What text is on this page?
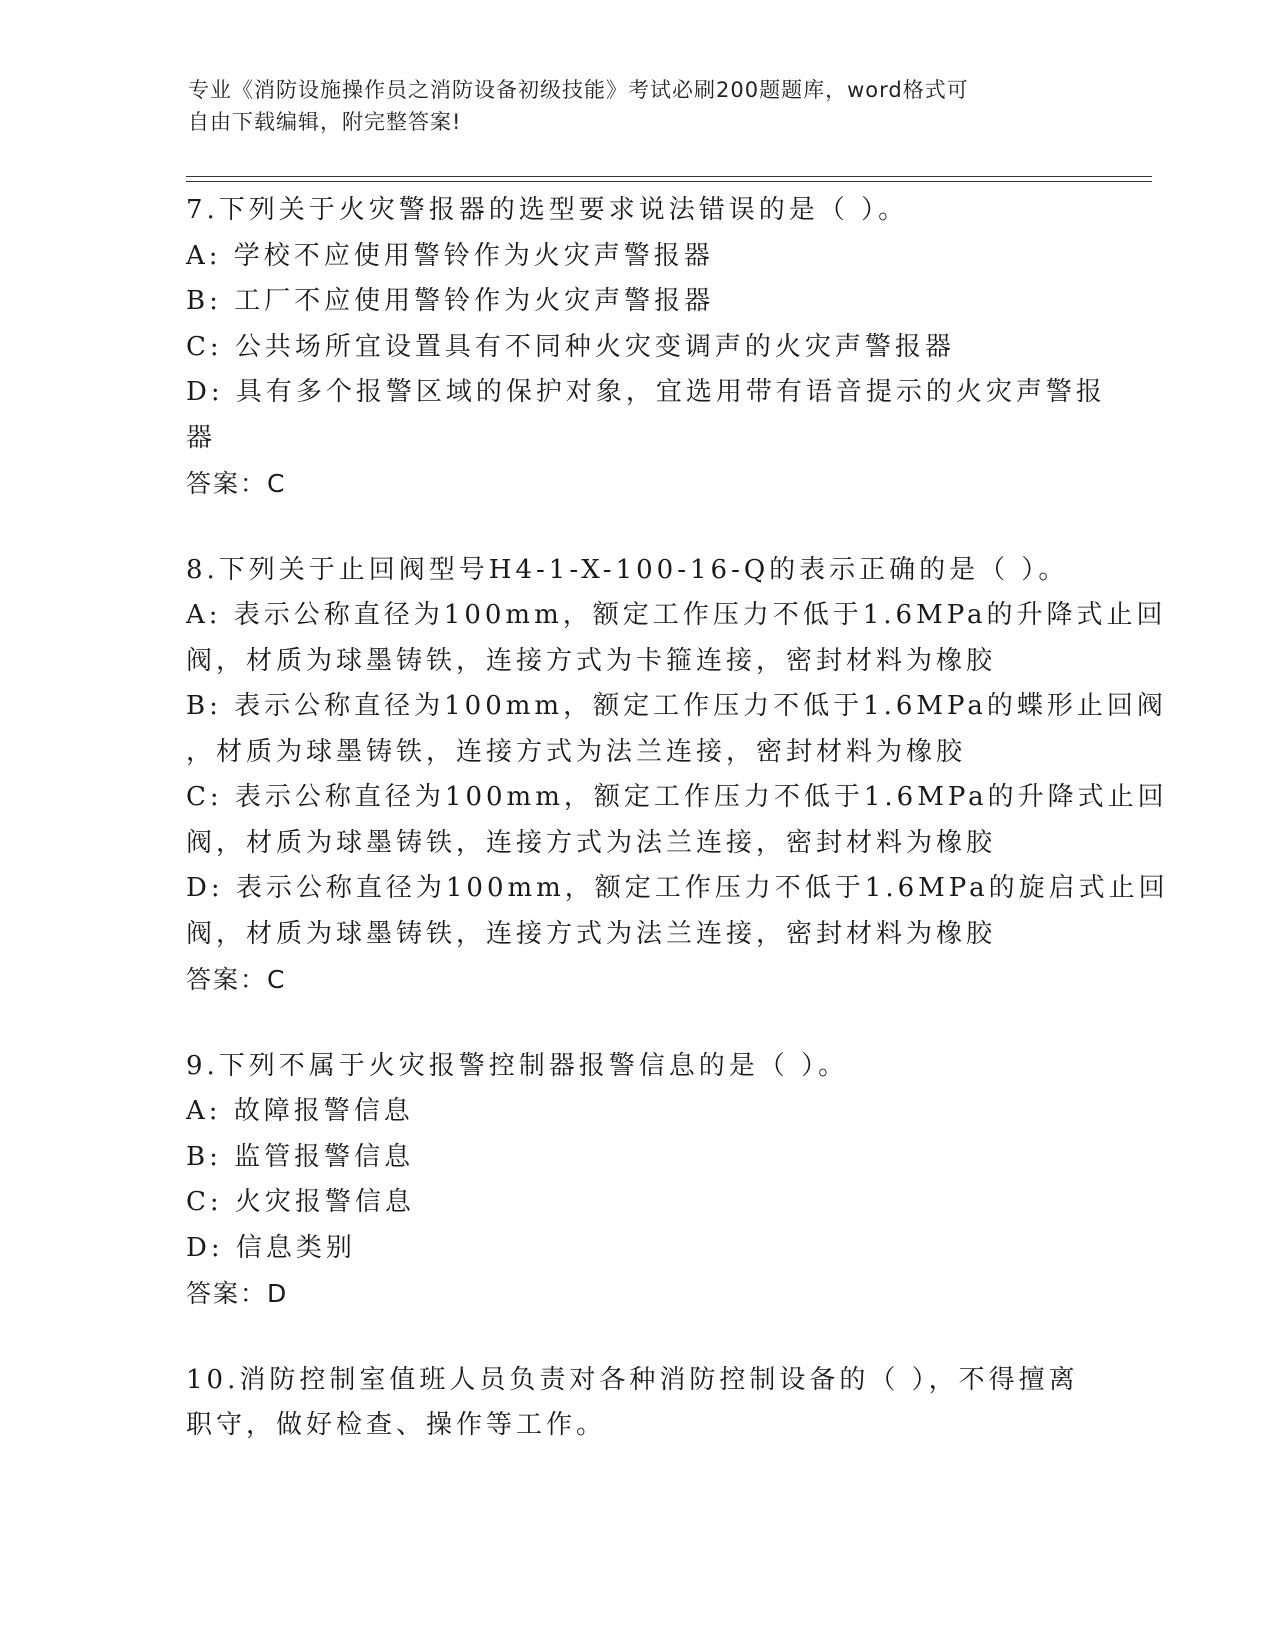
专业《消防设施操作员之消防设备初级技能》考试必刷200题题库，word格式可
自由下载编辑，附完整答案!
7.下列关于火灾警报器的选型要求说法错误的是（ ）。
A: 学校不应使用警铃作为火灾声警报器
B: 工厂不应使用警铃作为火灾声警报器
C: 公共场所宜设置具有不同种火灾变调声的火灾声警报器
D: 具有多个报警区域的保护对象，宜选用带有语音提示的火灾声警报
器
答案：C
8.下列关于止回阀型号H4-1-X-100-16-Q的表示正确的是（ ）。
A: 表示公称直径为100mm，额定工作压力不低于1.6MPa的升降式止回
阀，材质为球墨铸铁，连接方式为卡箍连接，密封材料为橡胶
B: 表示公称直径为100mm，额定工作压力不低于1.6MPa的蝶形止回阀
，材质为球墨铸铁，连接方式为法兰连接，密封材料为橡胶
C: 表示公称直径为100mm，额定工作压力不低于1.6MPa的升降式止回
阀，材质为球墨铸铁，连接方式为法兰连接，密封材料为橡胶
D: 表示公称直径为100mm，额定工作压力不低于1.6MPa的旋启式止回
阀，材质为球墨铸铁，连接方式为法兰连接，密封材料为橡胶
答案：C
9.下列不属于火灾报警控制器报警信息的是（ ）。
A: 故障报警信息
B: 监管报警信息
C: 火灾报警信息
D: 信息类别
答案：D
10.消防控制室值班人员负责对各种消防控制设备的（ ），不得擅离
职守，做好检查、操作等工作。
